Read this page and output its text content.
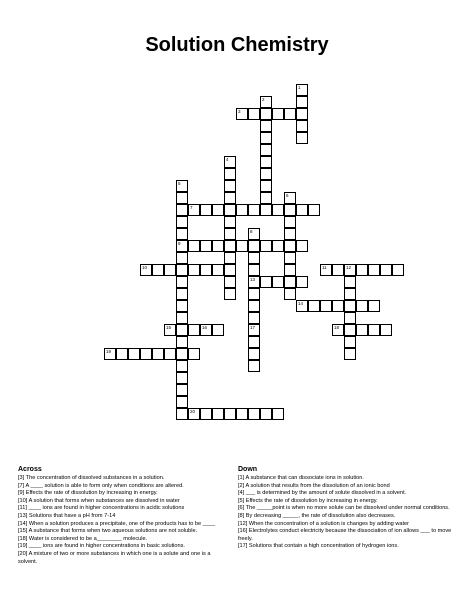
Solution Chemistry
1
2
3
4
5
6
7
8
9
10	11	12
13
14
15	16	17	18
19
20
Across

[3] The concentration of dissolved substances in a solution.

[7] A ____ solution is able to form only when conditions are altered.

[9] Effects the rate of dissolution by increasing in energy.

[10] A solution that forms when substances are dissolved in water

[11] ____ ions are found in higher concentrations in acidic solutions

[13] Solutions that have a pH from 7-14

[14] When a solution produces a precipitate, one of the products has to be ____

[15] A substance that forms when two aqueous solutions are not soluble.

[18] Water is considered to be a________ molecule.

[19] ____ ions are found in higher concentrations in basic solutions.

[20] A mixture of two or more substances in which one is a solute and one is a solvent.

Down

[1] A substance that can dissociate ions in solution.

[2] A solution that results from the dissolution of an ionic bond

[4] ___ is determined by the amount of solute dissolved in a solvent.

[5] Effects the rate of dissolution by increasing in energy.

[6] The _____point is when no more solute can be dissolved under normal conditions.

[8] By decreasing _____, the rate of dissolution also decreases.

[12] When the concentration of a solution is changes by adding water

[16] Electrolytes conduct electricity because the dissociation of ion allows ___ to move freely.

[17] Solutions that contain a high concentration of hydrogen ions.
